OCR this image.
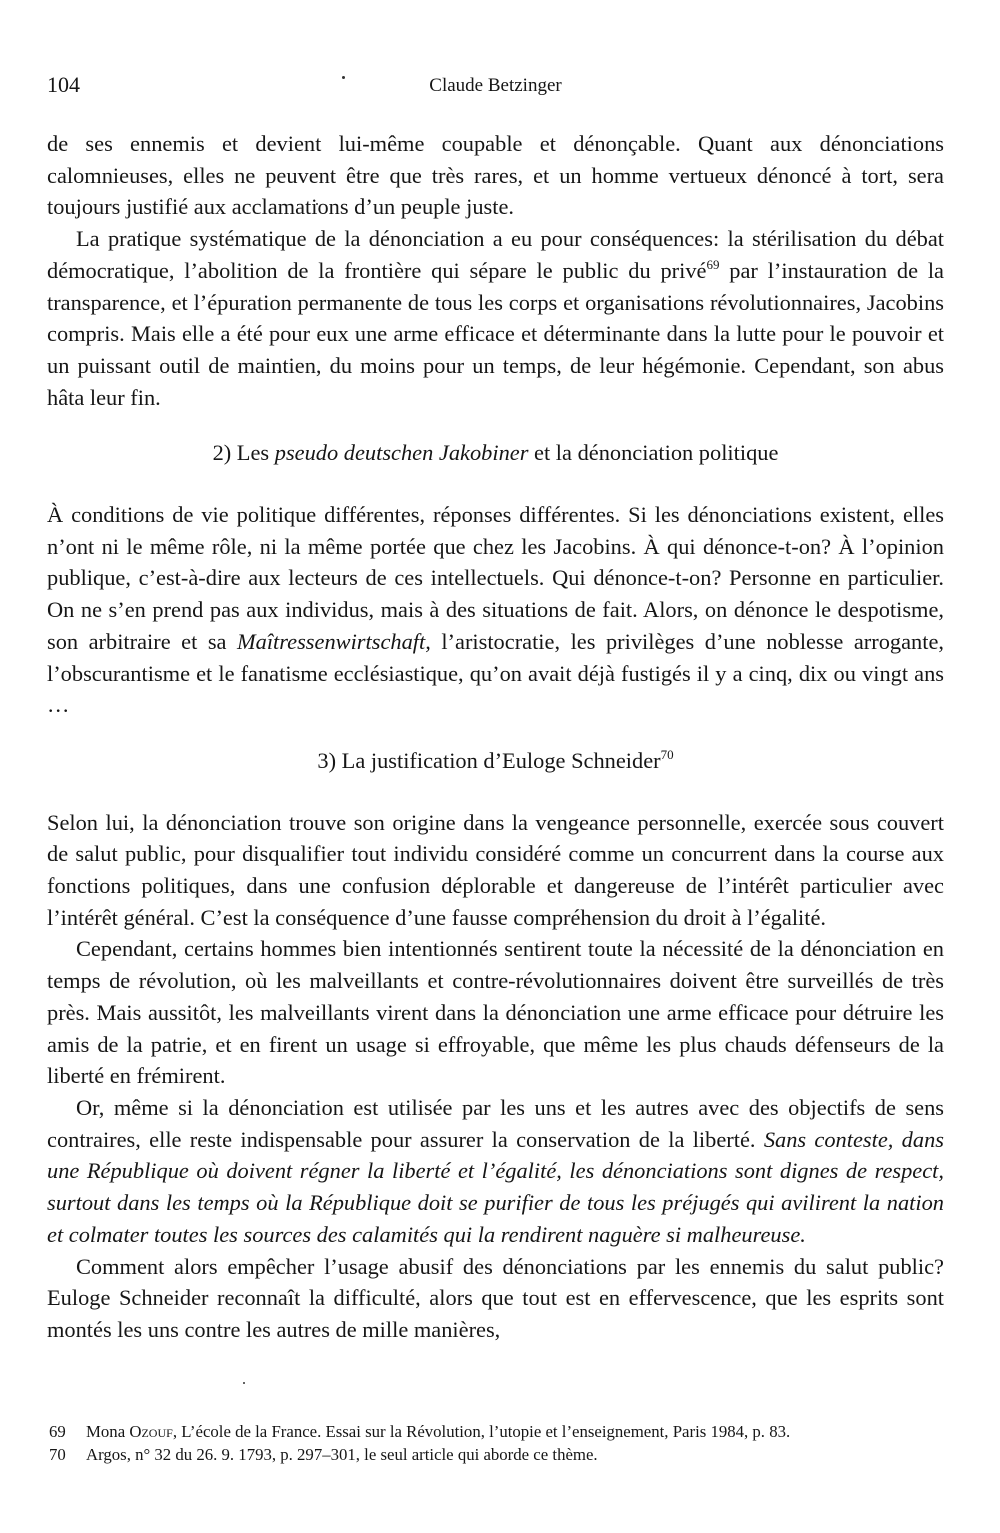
104	Claude Betzinger

de ses ennemis et devient lui-même coupable et dénonçable. Quant aux dénonciations calomnieuses, elles ne peuvent être que très rares, et un homme vertueux dénoncé à tort, sera toujours justifié aux acclamations d’un peuple juste.

La pratique systématique de la dénonciation a eu pour conséquences: la stérilisation du débat démocratique, l’abolition de la frontière qui sépare le public du privé$^{69}$ par l’instauration de la transparence, et l’épuration permanente de tous les corps et organisations révolutionnaires, Jacobins compris. Mais elle a été pour eux une arme efficace et déterminante dans la lutte pour le pouvoir et un puissant outil de maintien, du moins pour un temps, de leur hégémonie. Cependant, son abus hâta leur fin.

2) Les pseudo deutschen Jakobiner et la dénonciation politique

À conditions de vie politique différentes, réponses différentes. Si les dénonciations existent, elles n’ont ni le même rôle, ni la même portée que chez les Jacobins. À qui dénonce-t-on? À l’opinion publique, c’est-à-dire aux lecteurs de ces intellectuels. Qui dénonce-t-on? Personne en particulier. On ne s’en prend pas aux individus, mais à des situations de fait. Alors, on dénonce le despotisme, son arbitraire et sa Maîtressenwirtschaft, l’aristocratie, les privilèges d’une noblesse arrogante, l’obscurantisme et le fanatisme ecclésiastique, qu’on avait déjà fustigés il y a cinq, dix ou vingt ans …

3) La justification d’Euloge Schneider$^{70}$

Selon lui, la dénonciation trouve son origine dans la vengeance personnelle, exercée sous couvert de salut public, pour disqualifier tout individu considéré comme un concurrent dans la course aux fonctions politiques, dans une confusion déplorable et dangereuse de l’intérêt particulier avec l’intérêt général. C’est la conséquence d’une fausse compréhension du droit à l’égalité.

Cependant, certains hommes bien intentionnés sentirent toute la nécessité de la dénonciation en temps de révolution, où les malveillants et contre-révolutionnaires doivent être surveillés de très près. Mais aussitôt, les malveillants virent dans la dénonciation une arme efficace pour détruire les amis de la patrie, et en firent un usage si effroyable, que même les plus chauds défenseurs de la liberté en frémirent.

Or, même si la dénonciation est utilisée par les uns et les autres avec des objectifs de sens contraires, elle reste indispensable pour assurer la conservation de la liberté. Sans conteste, dans une République où doivent régner la liberté et l’égalité, les dénonciations sont dignes de respect, surtout dans les temps où la République doit se purifier de tous les préjugés qui avilirent la nation et colmater toutes les sources des calamités qui la rendirent naguère si malheureuse.

Comment alors empêcher l’usage abusif des dénonciations par les ennemis du salut public? Euloge Schneider reconnaît la difficulté, alors que tout est en effervescence, que les esprits sont montés les uns contre les autres de mille manières,

69 Mona Ozouf, L’école de la France. Essai sur la Révolution, l’utopie et l’enseignement, Paris 1984, p. 83.
70 Argos, n° 32 du 26. 9. 1793, p. 297–301, le seul article qui aborde ce thème.
